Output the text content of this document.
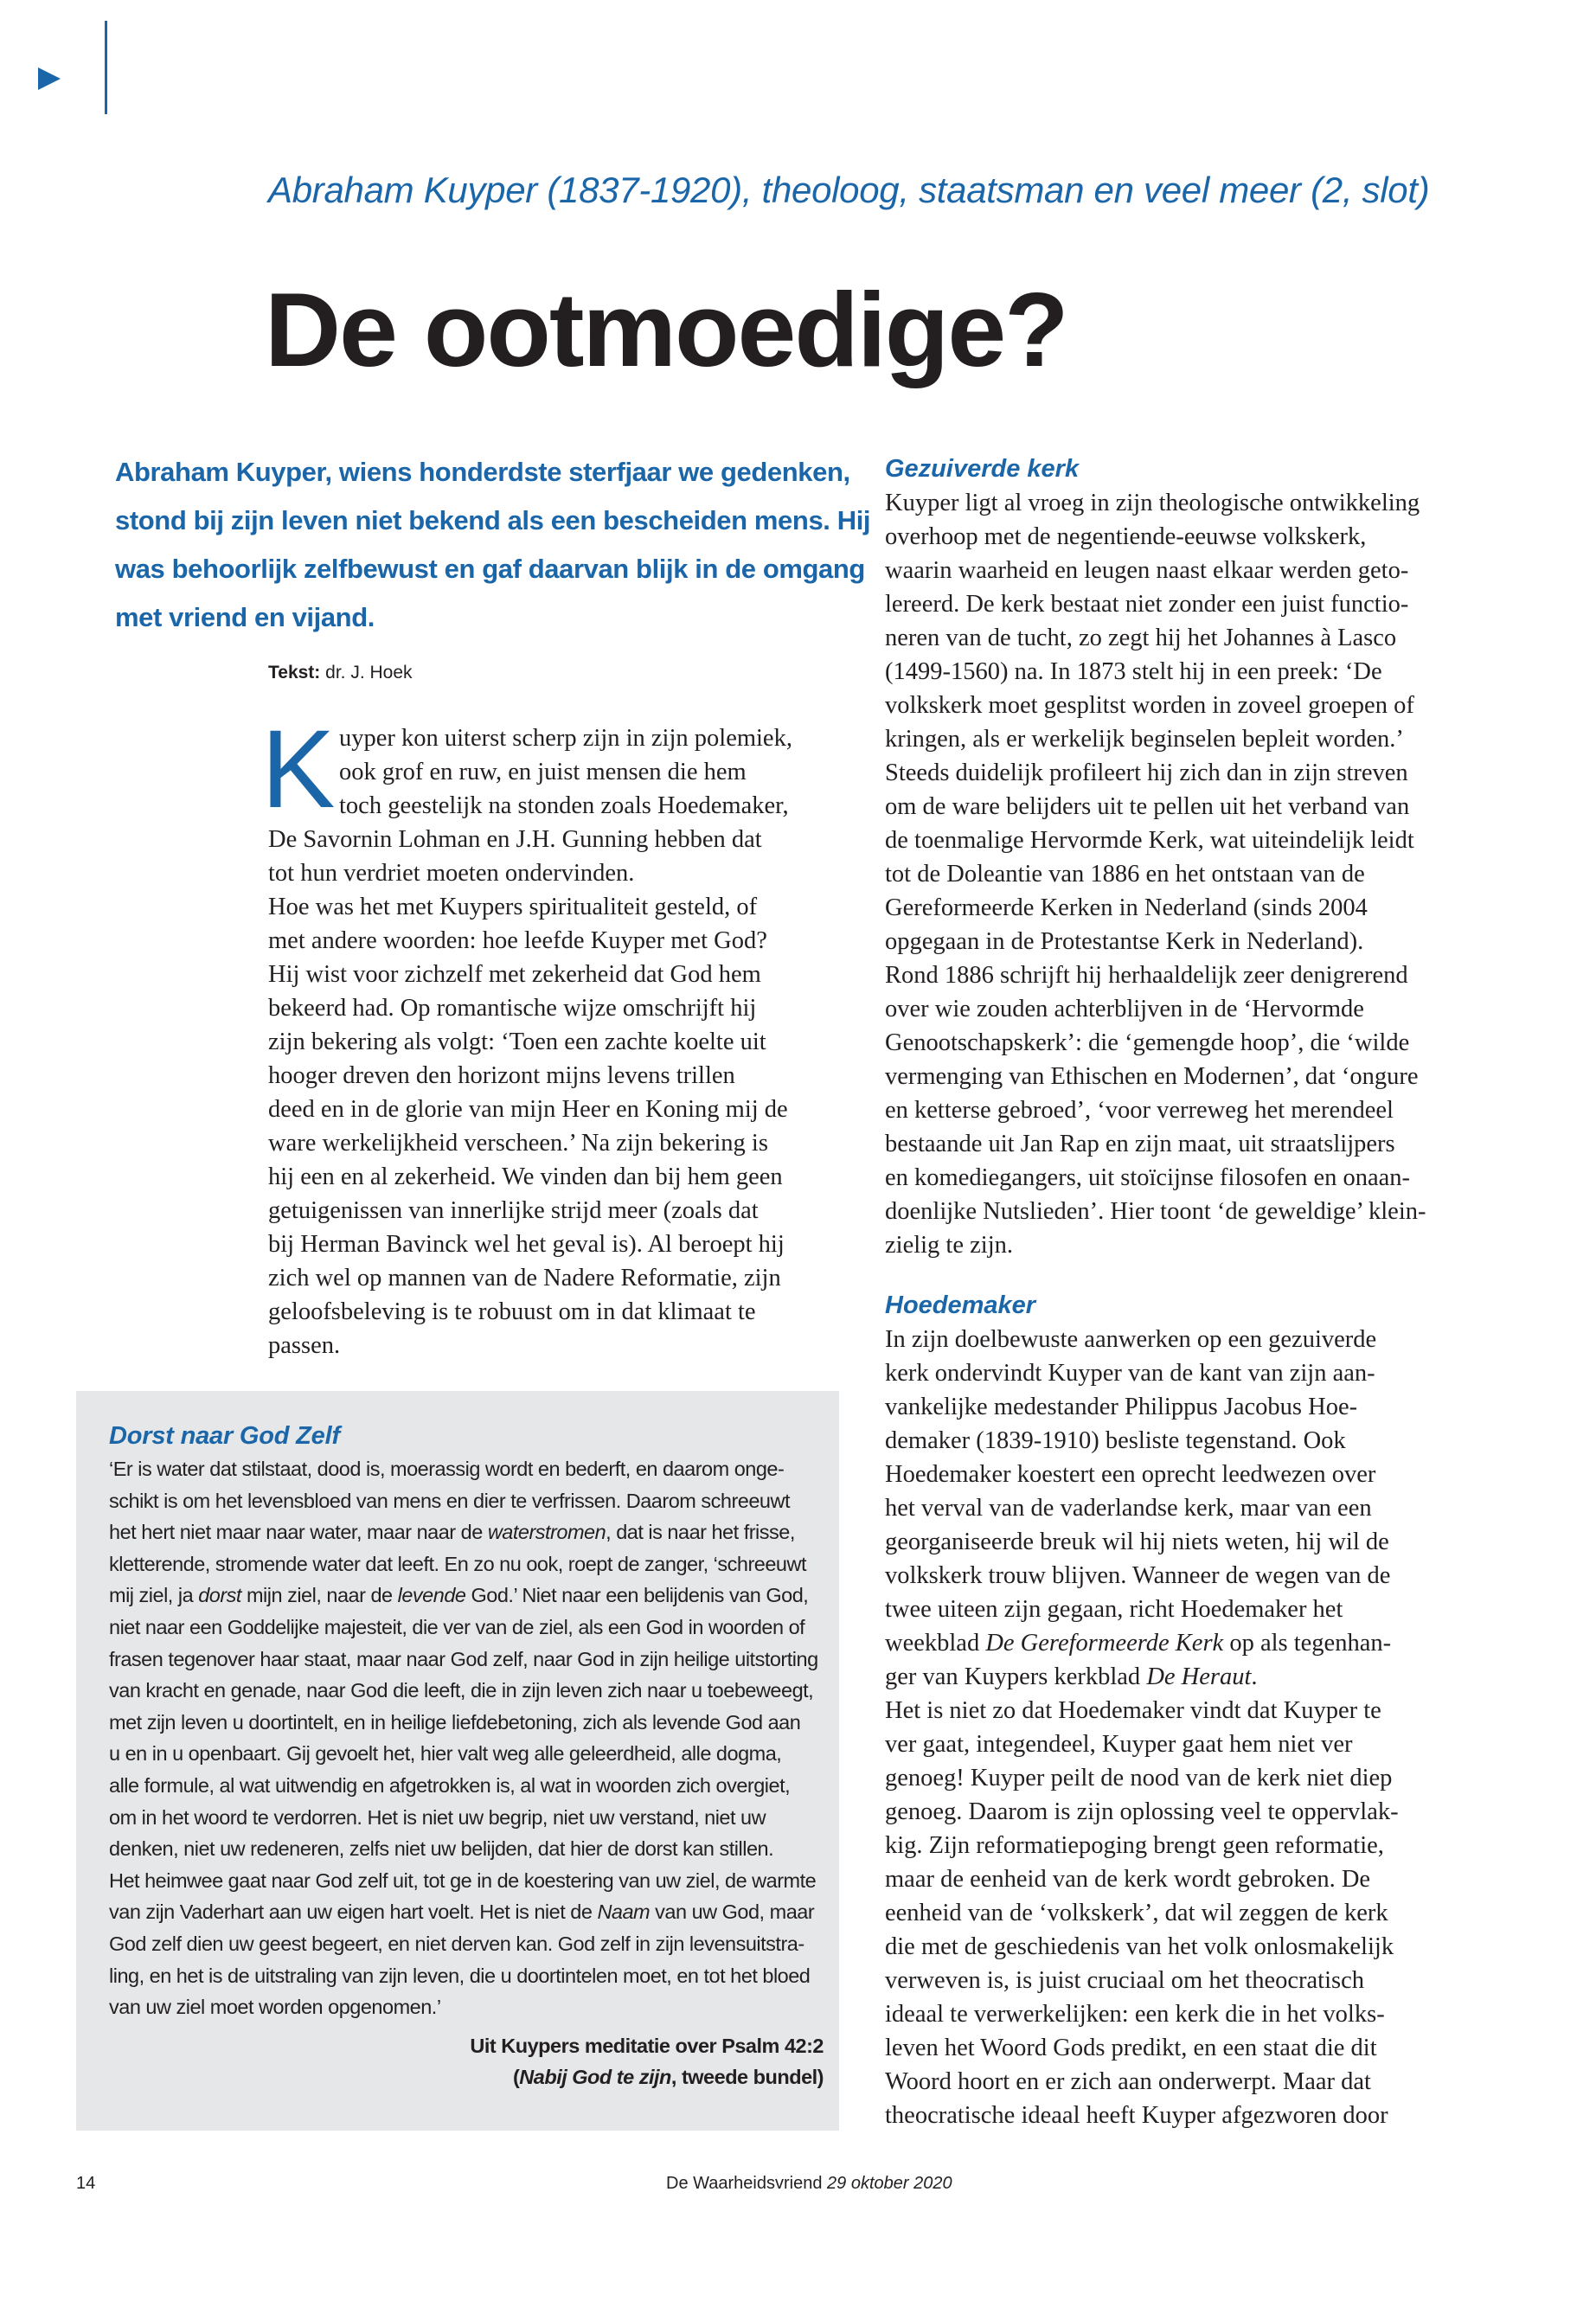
Abraham Kuyper (1837-1920), theoloog, staatsman en veel meer (2, slot)
De ootmoedige?
Abraham Kuyper, wiens honderdste sterfjaar we gedenken,
stond bij zijn leven niet bekend als een bescheiden mens. Hij
was behoorlijk zelfbewust en gaf daarvan blijk in de omgang
met vriend en vijand.
Tekst: dr. J. Hoek
K uyper kon uiterst scherp zijn in zijn polemiek,
ook grof en ruw, en juist mensen die hem
toch geestelijk na stonden zoals Hoedemaker,
De Savornin Lohman en J.H. Gunning hebben dat
tot hun verdriet moeten ondervinden.
Hoe was het met Kuypers spiritualiteit gesteld, of
met andere woorden: hoe leefde Kuyper met God?
Hij wist voor zichzelf met zekerheid dat God hem
bekeerd had. Op romantische wijze omschrijft hij
zijn bekering als volgt: ‘Toen een zachte koelte uit
hooger dreven den horizont mijns levens trillen
deed en in de glorie van mijn Heer en Koning mij de
ware werkelijkheid verscheen.’ Na zijn bekering is
hij een en al zekerheid. We vinden dan bij hem geen
getuigenissen van innerlijke strijd meer (zoals dat
bij Herman Bavinck wel het geval is). Al beroept hij
zich wel op mannen van de Nadere Reformatie, zijn
geloofsbeleving is te robuust om in dat klimaat te
passen.
Gezuiverde kerk
Kuyper ligt al vroeg in zijn theologische ontwikkeling
overhoop met de negentiende-eeuwse volkskerk,
waarin waarheid en leugen naast elkaar werden geto-
lereerd. De kerk bestaat niet zonder een juist functio-
neren van de tucht, zo zegt hij het Johannes à Lasco
(1499-1560) na. In 1873 stelt hij in een preek: ‘De
volkskerk moet gesplitst worden in zoveel groepen of
kringen, als er werkelijk beginselen bepleit worden.’
Steeds duidelijk profileert hij zich dan in zijn streven
om de ware belijders uit te pellen uit het verband van
de toenmalige Hervormde Kerk, wat uiteindelijk leidt
tot de Doleantie van 1886 en het ontstaan van de
Gereformeerde Kerken in Nederland (sinds 2004
opgegaan in de Protestantse Kerk in Nederland).
Rond 1886 schrijft hij herhaaldelijk zeer denigrerend
over wie zouden achterblijven in de ‘Hervormde
Genootschapskerk’: die ‘gemengde hoop’, die ‘wilde
vermenging van Ethischen en Modernen’, dat ‘ongure
en ketterse gebroed’, ‘voor verreweg het merendeel
bestaande uit Jan Rap en zijn maat, uit straatslijpers
en komediegangers, uit stoïcijnse filosofen en onaan-
doenlijke Nutslieden’. Hier toont ‘de geweldige’ klein-
zielig te zijn.
Hoedemaker
In zijn doelbewuste aanwerken op een gezuiverde
kerk ondervindt Kuyper van de kant van zijn aan-
vankelijke medestander Philippus Jacobus Hoe-
demaker (1839-1910) besliste tegenstand. Ook
Hoedemaker koestert een oprecht leedwezen over
het verval van de vaderlandse kerk, maar van een
georganiseerde breuk wil hij niets weten, hij wil de
volkskerk trouw blijven. Wanneer de wegen van de
twee uiteen zijn gegaan, richt Hoedemaker het
weekblad De Gereformeerde Kerk op als tegenhan-
ger van Kuypers kerkblad De Heraut.
Het is niet zo dat Hoedemaker vindt dat Kuyper te
ver gaat, integendeel, Kuyper gaat hem niet ver
genoeg! Kuyper peilt de nood van de kerk niet diep
genoeg. Daarom is zijn oplossing veel te oppervlak-
kig. Zijn reformatiepoging brengt geen reformatie,
maar de eenheid van de kerk wordt gebroken. De
eenheid van de ‘volkskerk’, dat wil zeggen de kerk
die met de geschiedenis van het volk onlosmakelijk
verweven is, is juist cruciaal om het theocratisch
ideaal te verwerkelijken: een kerk die in het volks-
leven het Woord Gods predikt, en een staat die dit
Woord hoort en er zich aan onderwerpt. Maar dat
theocratische ideaal heeft Kuyper afgezworen door
Dorst naar God Zelf
‘Er is water dat stilstaat, dood is, moerassig wordt en bederft, en daarom onge-
schikt is om het levensbloed van mens en dier te verfrissen. Daarom schreeuwt
het hert niet maar naar water, maar naar de waterstromen, dat is naar het frisse,
kletterende, stromende water dat leeft. En zo nu ook, roept de zanger, ‘schreeuwt
mij ziel, ja dorst mijn ziel, naar de levende God.’ Niet naar een belijdenis van God,
niet naar een Goddelijke majesteit, die ver van de ziel, als een God in woorden of
frasen tegenover haar staat, maar naar God zelf, naar God in zijn heilige uitstorting
van kracht en genade, naar God die leeft, die in zijn leven zich naar u toebeweegt,
met zijn leven u doortintelt, en in heilige liefdebetoning, zich als levende God aan
u en in u openbaart. Gij gevoelt het, hier valt weg alle geleerdheid, alle dogma,
alle formule, al wat uitwendig en afgetrokken is, al wat in woorden zich overgiet,
om in het woord te verdorren. Het is niet uw begrip, niet uw verstand, niet uw
denken, niet uw redeneren, zelfs niet uw belijden, dat hier de dorst kan stillen.
Het heimwee gaat naar God zelf uit, tot ge in de koestering van uw ziel, de warmte
van zijn Vaderhart aan uw eigen hart voelt. Het is niet de Naam van uw God, maar
God zelf dien uw geest begeert, en niet derven kan. God zelf in zijn levensuitstra-
ling, en het is de uitstraling van zijn leven, die u doortintelen moet, en tot het bloed
van uw ziel moet worden opgenomen.’
Uit Kuypers meditatie over Psalm 42:2
(Nabij God te zijn, tweede bundel)
14	De Waarheidsvriend 29 oktober 2020
